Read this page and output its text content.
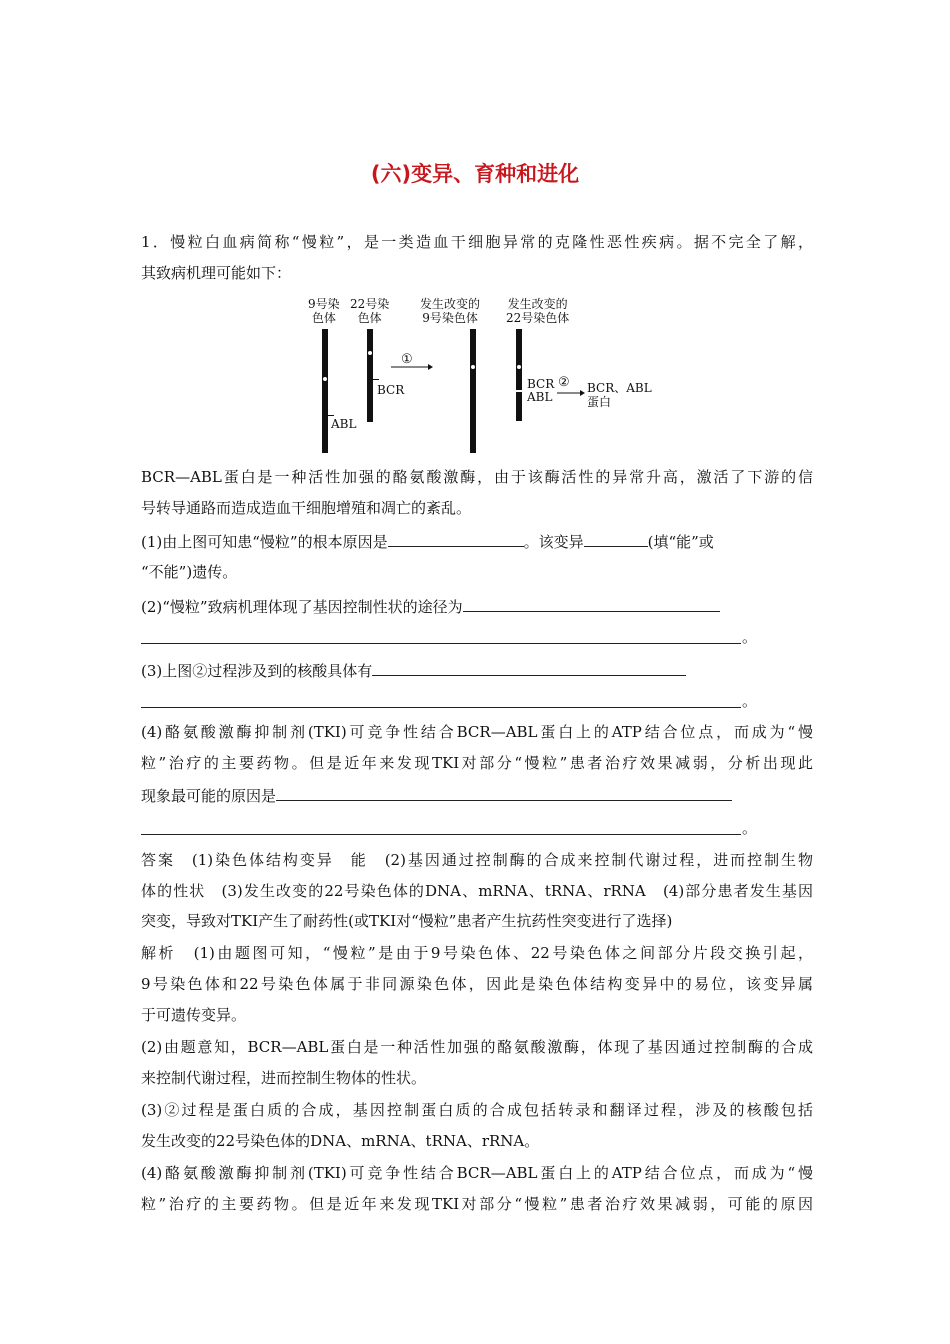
(六)变异、育种和进化
1．慢粒白血病简称“慢粒”，是一类造血干细胞异常的克隆性恶性疾病。据不完全了解，
其致病机理可能如下：
9号染
色体
22号染
色体
发生改变的
9号染色体
发生改变的
22号染色体
ABL
BCR
①
BCR
ABL
② BCR、ABL
蛋白
BCR—ABL蛋白是一种活性加强的酪氨酸激酶，由于该酶活性的异常升高，激活了下游的信
号转导通路而造成造血干细胞增殖和凋亡的紊乱。
(1)由上图可知患“慢粒”的根本原因是	。该变异	(填“能”或
“不能”)遗传。
(2)“慢粒”致病机理体现了基因控制性状的途径为
。
(3)上图②过程涉及到的核酸具体有
。
(4)酪氨酸激酶抑制剂(TKI)可竞争性结合BCR—ABL蛋白上的ATP结合位点，而成为“慢
粒”治疗的主要药物。但是近年来发现TKI对部分“慢粒”患者治疗效果减弱，分析出现此
现象最可能的原因是
。
答案　(1)染色体结构变异　能　(2)基因通过控制酶的合成来控制代谢过程，进而控制生物
体的性状　(3)发生改变的22号染色体的DNA、mRNA、tRNA、rRNA　(4)部分患者发生基因
突变，导致对TKI产生了耐药性(或TKI对“慢粒”患者产生抗药性突变进行了选择)
解析　(1)由题图可知，“慢粒”是由于9号染色体、22号染色体之间部分片段交换引起，
9号染色体和22号染色体属于非同源染色体，因此是染色体结构变异中的易位，该变异属
于可遗传变异。
(2)由题意知，BCR—ABL蛋白是一种活性加强的酪氨酸激酶，体现了基因通过控制酶的合成
来控制代谢过程，进而控制生物体的性状。
(3)②过程是蛋白质的合成，基因控制蛋白质的合成包括转录和翻译过程，涉及的核酸包括
发生改变的22号染色体的DNA、mRNA、tRNA、rRNA。
(4)酪氨酸激酶抑制剂(TKI)可竞争性结合BCR—ABL蛋白上的ATP结合位点，而成为“慢
粒”治疗的主要药物。但是近年来发现TKI对部分“慢粒”患者治疗效果减弱，可能的原因
